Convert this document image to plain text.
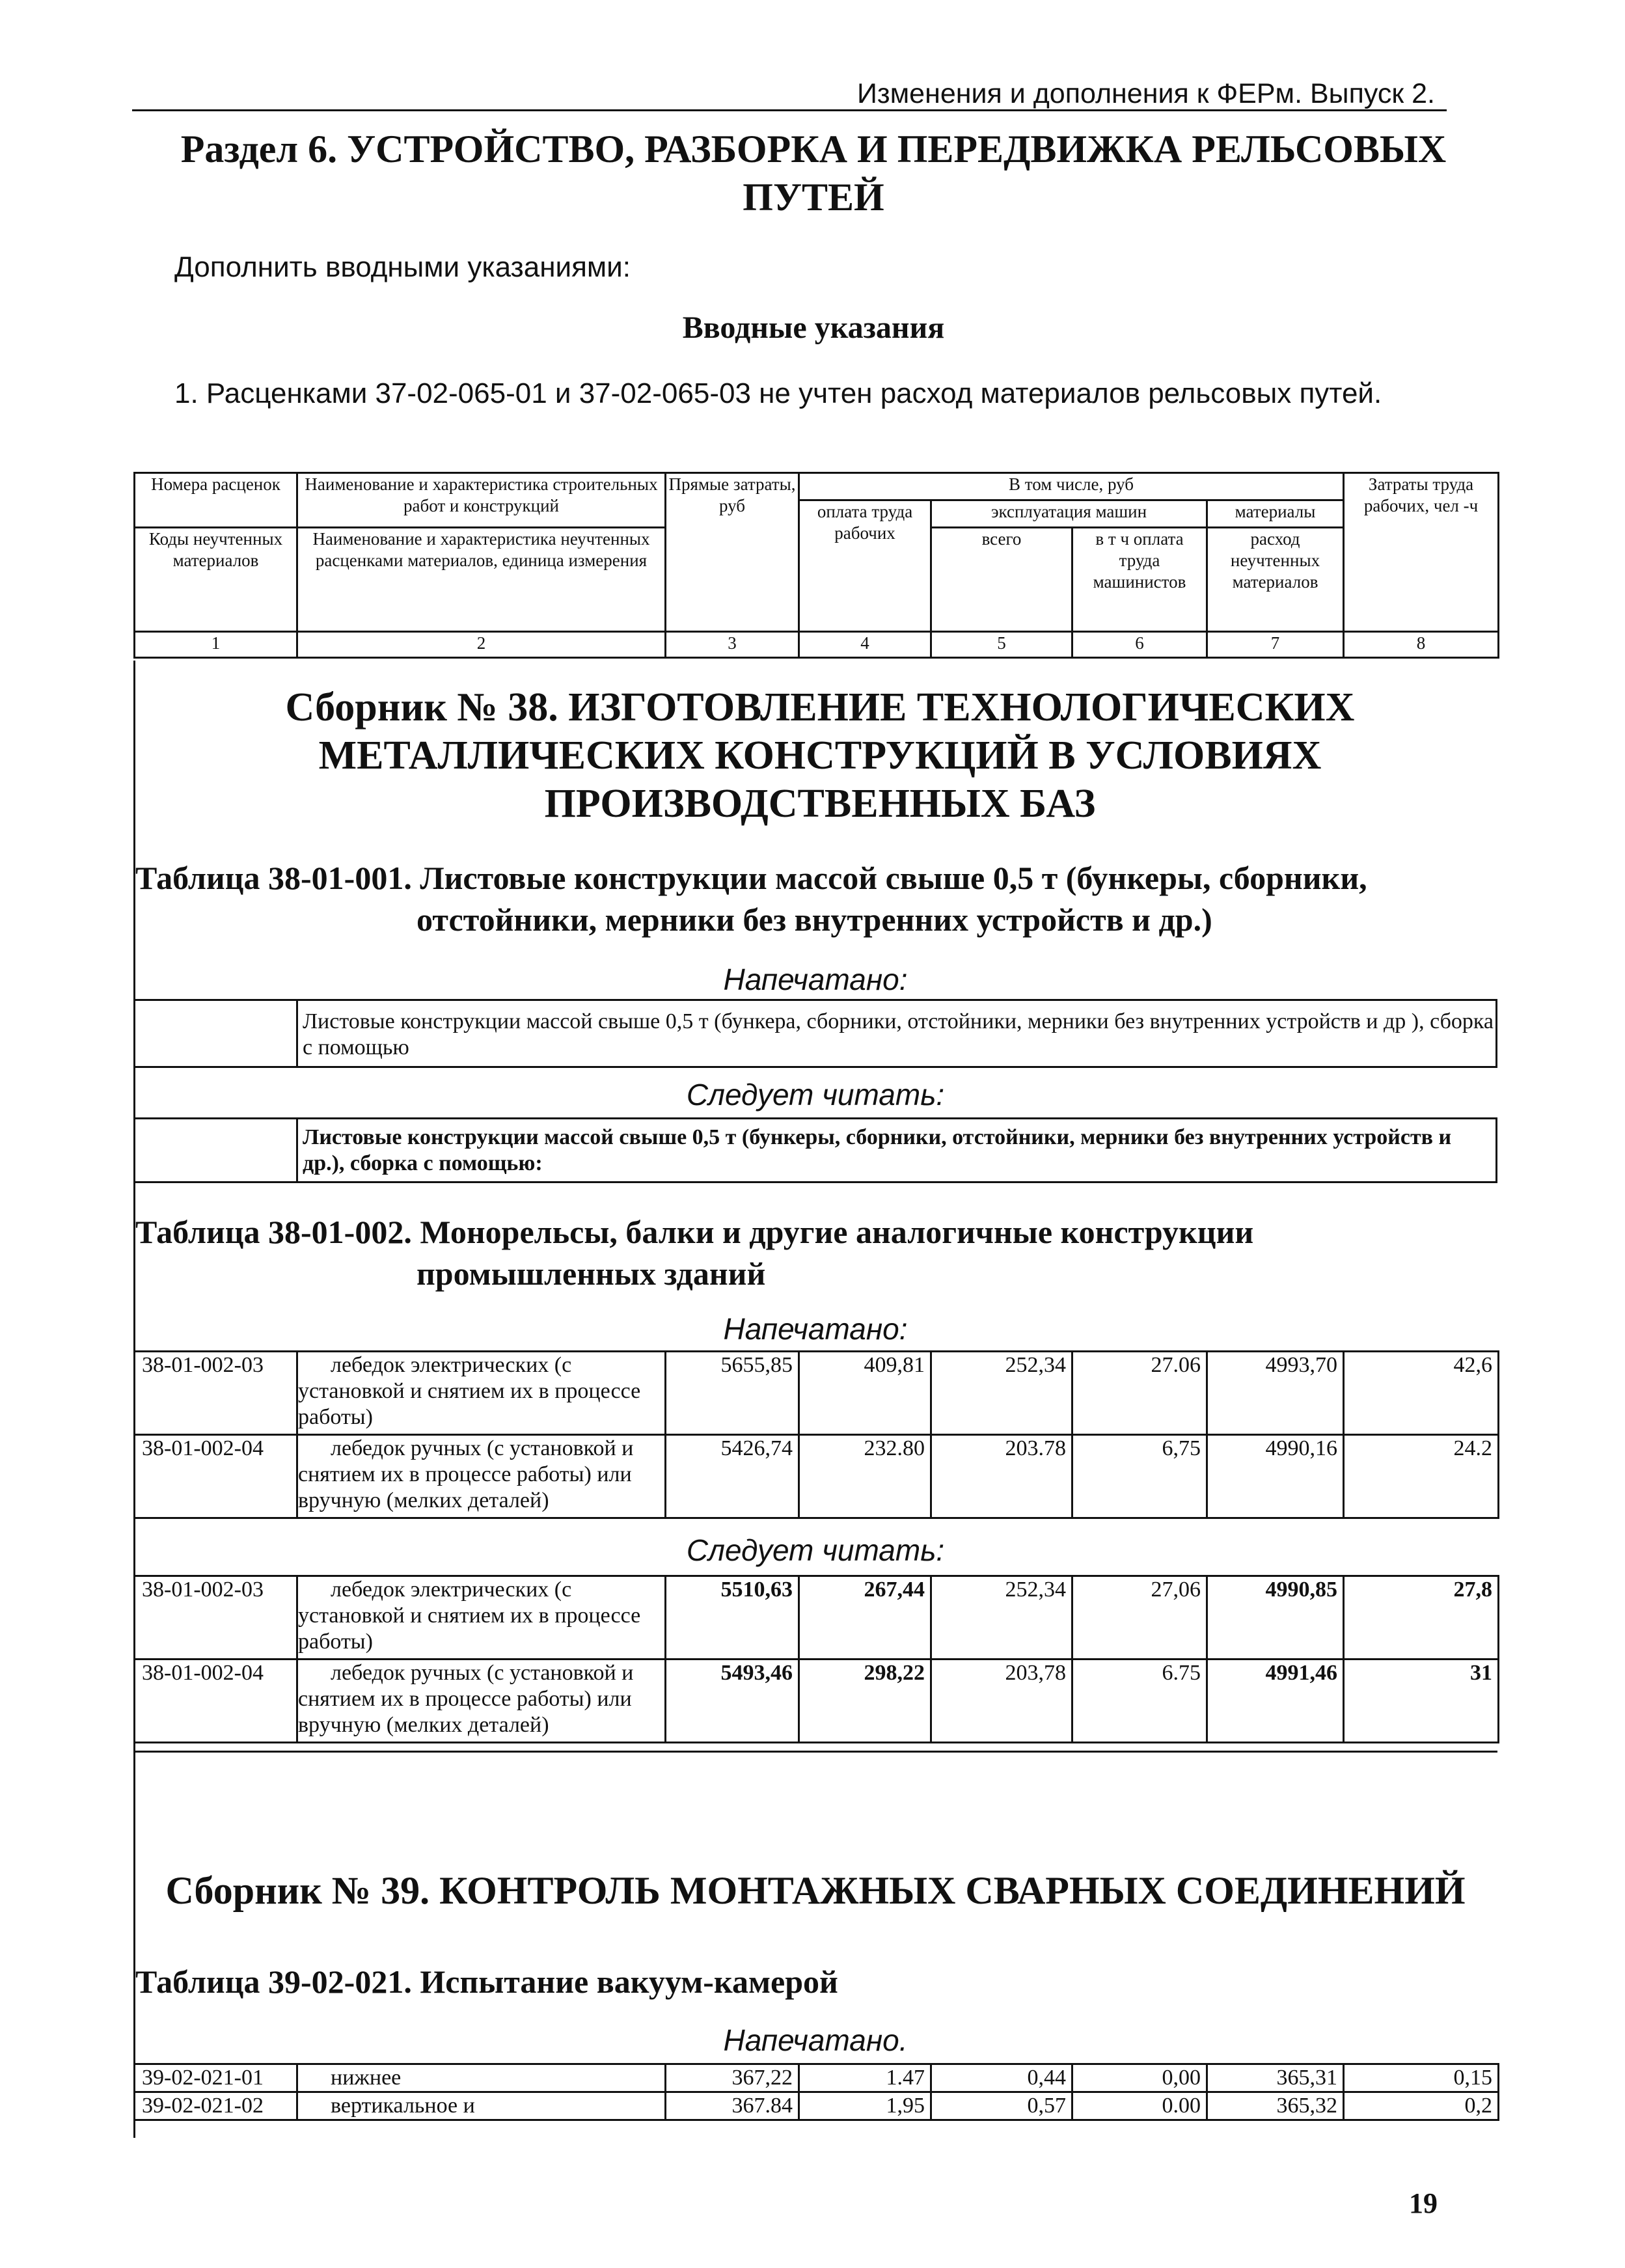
Изменения и дополнения к ФЕРм. Выпуск 2.
Раздел 6. УСТРОЙСТВО, РАЗБОРКА И ПЕРЕДВИЖКА РЕЛЬСОВЫХ ПУТЕЙ
Дополнить вводными указаниями:
Вводные указания
1. Расценками 37-02-065-01 и 37-02-065-03 не учтен расход материалов рельсовых путей.
Номера расценок	Наименование и характеристика строительных работ и конструкций	Прямые затраты, руб	В том числе, руб				Затраты труда рабочих, чел -ч
			оплата труда рабочих	эксплуатация машин		материалы	
Коды неучтенных материалов	Наименование и характеристика неучтенных расценками материалов, единица измерения			всего	в т ч оплата труда машинистов	расход неучтенных материалов	
1	2	3	4	5	6	7	8
Сборник № 38. ИЗГОТОВЛЕНИЕ ТЕХНОЛОГИЧЕСКИХ МЕТАЛЛИЧЕСКИХ КОНСТРУКЦИЙ В УСЛОВИЯХ ПРОИЗВОДСТВЕННЫХ БАЗ
Таблица 38-01-001. Листовые конструкции массой свыше 0,5 т (бункеры, сборники,
отстойники, мерники без внутренних устройств и др.)
Напечатано:
Листовые конструкции массой свыше 0,5 т (бункера, сборники, отстойники, мерники без внутренних устройств и др ), сборка с помощью
Следует читать:
Листовые конструкции массой свыше 0,5 т (бункеры, сборники, отстойники, мерники без внутренних устройств и др.), сборка с помощью:
Таблица 38-01-002. Монорельсы, балки и другие аналогичные конструкции
промышленных зданий
Напечатано:
38-01-002-03	лебедок электрических (с установкой и снятием их в процессе работы)	5655,85	409,81	252,34	27.06	4993,70	42,6
38-01-002-04	лебедок ручных (с установкой и снятием их в процессе работы) или вручную (мелких деталей)	5426,74	232.80	203.78	6,75	4990,16	24.2
Следует читать:
38-01-002-03	лебедок электрических (с установкой и снятием их в процессе работы)	5510,63	267,44	252,34	27,06	4990,85	27,8
38-01-002-04	лебедок ручных (с установкой и снятием их в процессе работы) или вручную (мелких деталей)	5493,46	298,22	203,78	6.75	4991,46	31
Сборник № 39. КОНТРОЛЬ МОНТАЖНЫХ СВАРНЫХ СОЕДИНЕНИЙ
Таблица 39-02-021. Испытание вакуум-камерой
Напечатано.
39-02-021-01	нижнее	367,22	1.47	0,44	0,00	365,31	0,15
39-02-021-02	вертикальное и	367.84	1,95	0,57	0.00	365,32	0,2
19
